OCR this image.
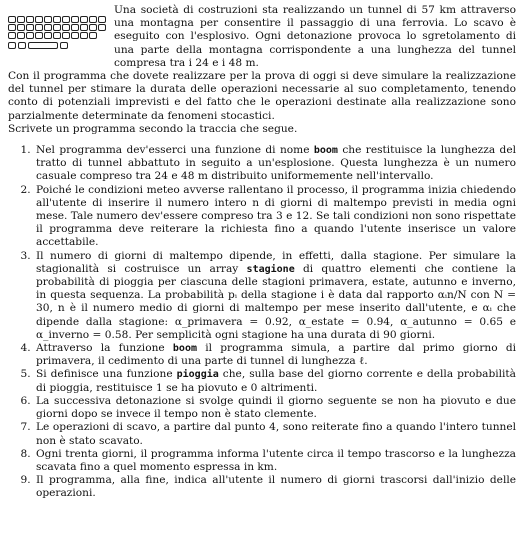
Una società di costruzioni sta realizzando un tunnel di 57 km attraverso una montagna per consentire il passaggio di una ferrovia. Lo scavo è eseguito con l'esplosivo. Ogni detonazione provoca lo sgretolamento di una parte della montagna corrispondente a una lunghezza del tunnel compresa tra i 24 e i 48 m.

Con il programma che dovete realizzare per la prova di oggi si deve simulare la realizzazione del tunnel per stimare la durata delle operazioni necessarie al suo completamento, tenendo conto di potenziali imprevisti e del fatto che le operazioni destinate alla realizzazione sono parzialmente determinate da fenomeni stocastici.

Scrivete un programma secondo la traccia che segue.

1. Nel programma dev'esserci una funzione di nome boom che restituisce la lunghezza del tratto di tunnel abbattuto in seguito a un'esplosione. Questa lunghezza è un numero casuale compreso tra 24 e 48 m distribuito uniformemente nell'intervallo.
2. Poiché le condizioni meteo avverse rallentano il processo, il programma inizia chiedendo all'utente di inserire il numero intero n di giorni di maltempo previsti in media ogni mese. Tale numero dev'essere compreso tra 3 e 12. Se tali condizioni non sono rispettate il programma deve reiterare la richiesta fino a quando l'utente inserisce un valore accettabile.
3. Il numero di giorni di maltempo dipende, in effetti, dalla stagione. Per simulare la stagionalità si costruisce un array stagione di quattro elementi che contiene la probabilità di pioggia per ciascuna delle stagioni primavera, estate, autunno e inverno, in questa sequenza. La probabilità pᵢ della stagione i è data dal rapporto αᵢn/N con N = 30, n è il numero medio di giorni di maltempo per mese inserito dall'utente, e αᵢ che dipende dalla stagione: α_primavera = 0.92, α_estate = 0.94, α_autunno = 0.65 e α_inverno = 0.58. Per semplicità ogni stagione ha una durata di 90 giorni.
4. Attraverso la funzione boom il programma simula, a partire dal primo giorno di primavera, il cedimento di una parte di tunnel di lunghezza ℓ.
5. Si definisce una funzione pioggia che, sulla base del giorno corrente e della probabilità di pioggia, restituisce 1 se ha piovuto e 0 altrimenti.
6. La successiva detonazione si svolge quindi il giorno seguente se non ha piovuto e due giorni dopo se invece il tempo non è stato clemente.
7. Le operazioni di scavo, a partire dal punto 4, sono reiterate fino a quando l'intero tunnel non è stato scavato.
8. Ogni trenta giorni, il programma informa l'utente circa il tempo trascorso e la lunghezza scavata fino a quel momento espressa in km.
9. Il programma, alla fine, indica all'utente il numero di giorni trascorsi dall'inizio delle operazioni.
